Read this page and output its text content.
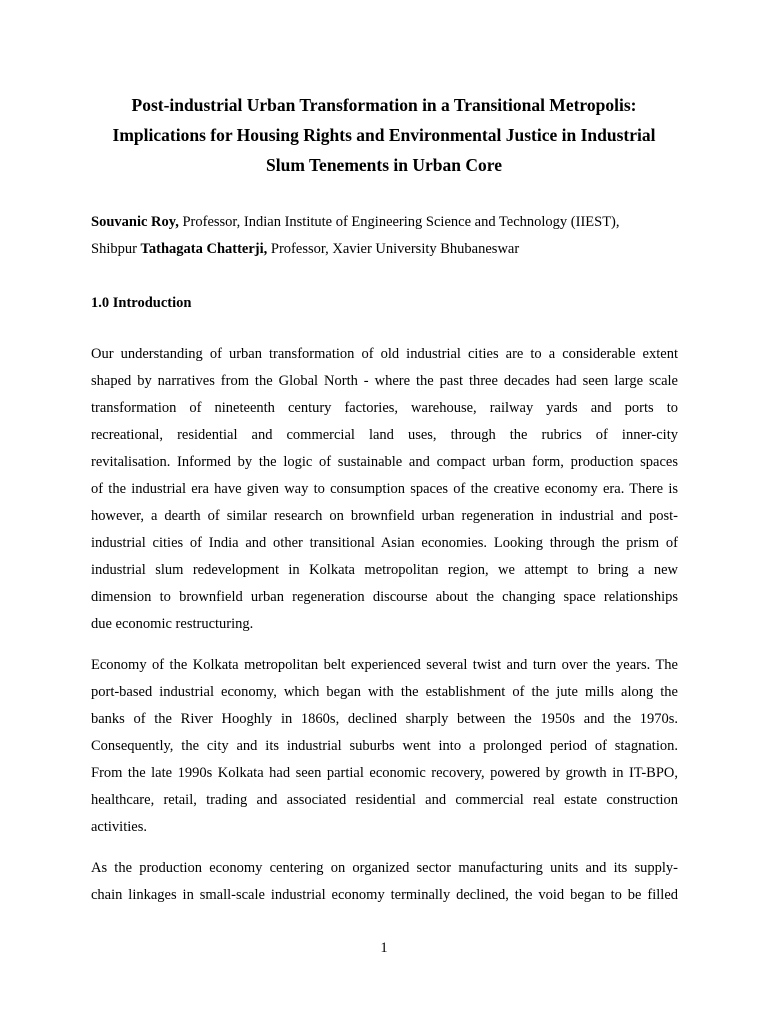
Post-industrial Urban Transformation in a Transitional Metropolis:
Implications for Housing Rights and Environmental Justice in Industrial
Slum Tenements in Urban Core
Souvanic Roy, Professor, Indian Institute of Engineering Science and Technology (IIEST),
Shibpur Tathagata Chatterji, Professor, Xavier University Bhubaneswar
1.0 Introduction
Our understanding of urban transformation of old industrial cities are to a considerable extent
shaped by narratives from the Global North - where the past three decades had seen large scale
transformation of nineteenth century factories, warehouse, railway yards and ports to
recreational, residential and commercial land uses, through the rubrics of inner-city
revitalisation. Informed by the logic of sustainable and compact urban form, production spaces
of the industrial era have given way to consumption spaces of the creative economy era. There is
however, a dearth of similar research on brownfield urban regeneration in industrial and post-
industrial cities of India and other transitional Asian economies. Looking through the prism of
industrial slum redevelopment in Kolkata metropolitan region, we attempt to bring a new
dimension to brownfield urban regeneration discourse about the changing space relationships
due economic restructuring.
Economy of the Kolkata metropolitan belt experienced several twist and turn over the years. The
port-based industrial economy, which began with the establishment of the jute mills along the
banks of the River Hooghly in 1860s, declined sharply between the 1950s and the 1970s.
Consequently, the city and its industrial suburbs went into a prolonged period of stagnation.
From the late 1990s Kolkata had seen partial economic recovery, powered by growth in IT-BPO,
healthcare, retail, trading and associated residential and commercial real estate construction
activities.
As the production economy centering on organized sector manufacturing units and its supply-
chain linkages in small-scale industrial economy terminally declined, the void began to be filled
1
